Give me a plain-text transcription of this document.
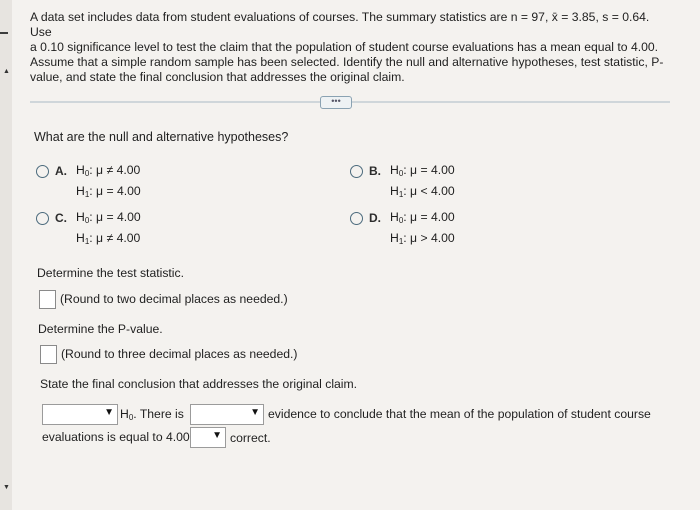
▲
▼
A data set includes data from student evaluations of courses. The summary statistics are n = 97, x̄ = 3.85, s = 0.64. Use
a 0.10 significance level to test the claim that the population of student course evaluations has a mean equal to 4.00.
Assume that a simple random sample has been selected. Identify the null and alternative hypotheses, test statistic, P-
value, and state the final conclusion that addresses the original claim.
•••
What are the null and alternative hypotheses?
A. $H_0$: μ ≠ 4.00
$H_1$: μ = 4.00
B. $H_0$: μ = 4.00
$H_1$: μ < 4.00
C. $H_0$: μ = 4.00
$H_1$: μ ≠ 4.00
D. $H_0$: μ = 4.00
$H_1$: μ > 4.00
Determine the test statistic.
(Round to two decimal places as needed.)
Determine the P-value.
(Round to three decimal places as needed.)
State the final conclusion that addresses the original claim.
▼ $H_0$. There is	▼ evidence to conclude that the mean of the population of student course
evaluations is equal to 4.00 ▼ correct.
